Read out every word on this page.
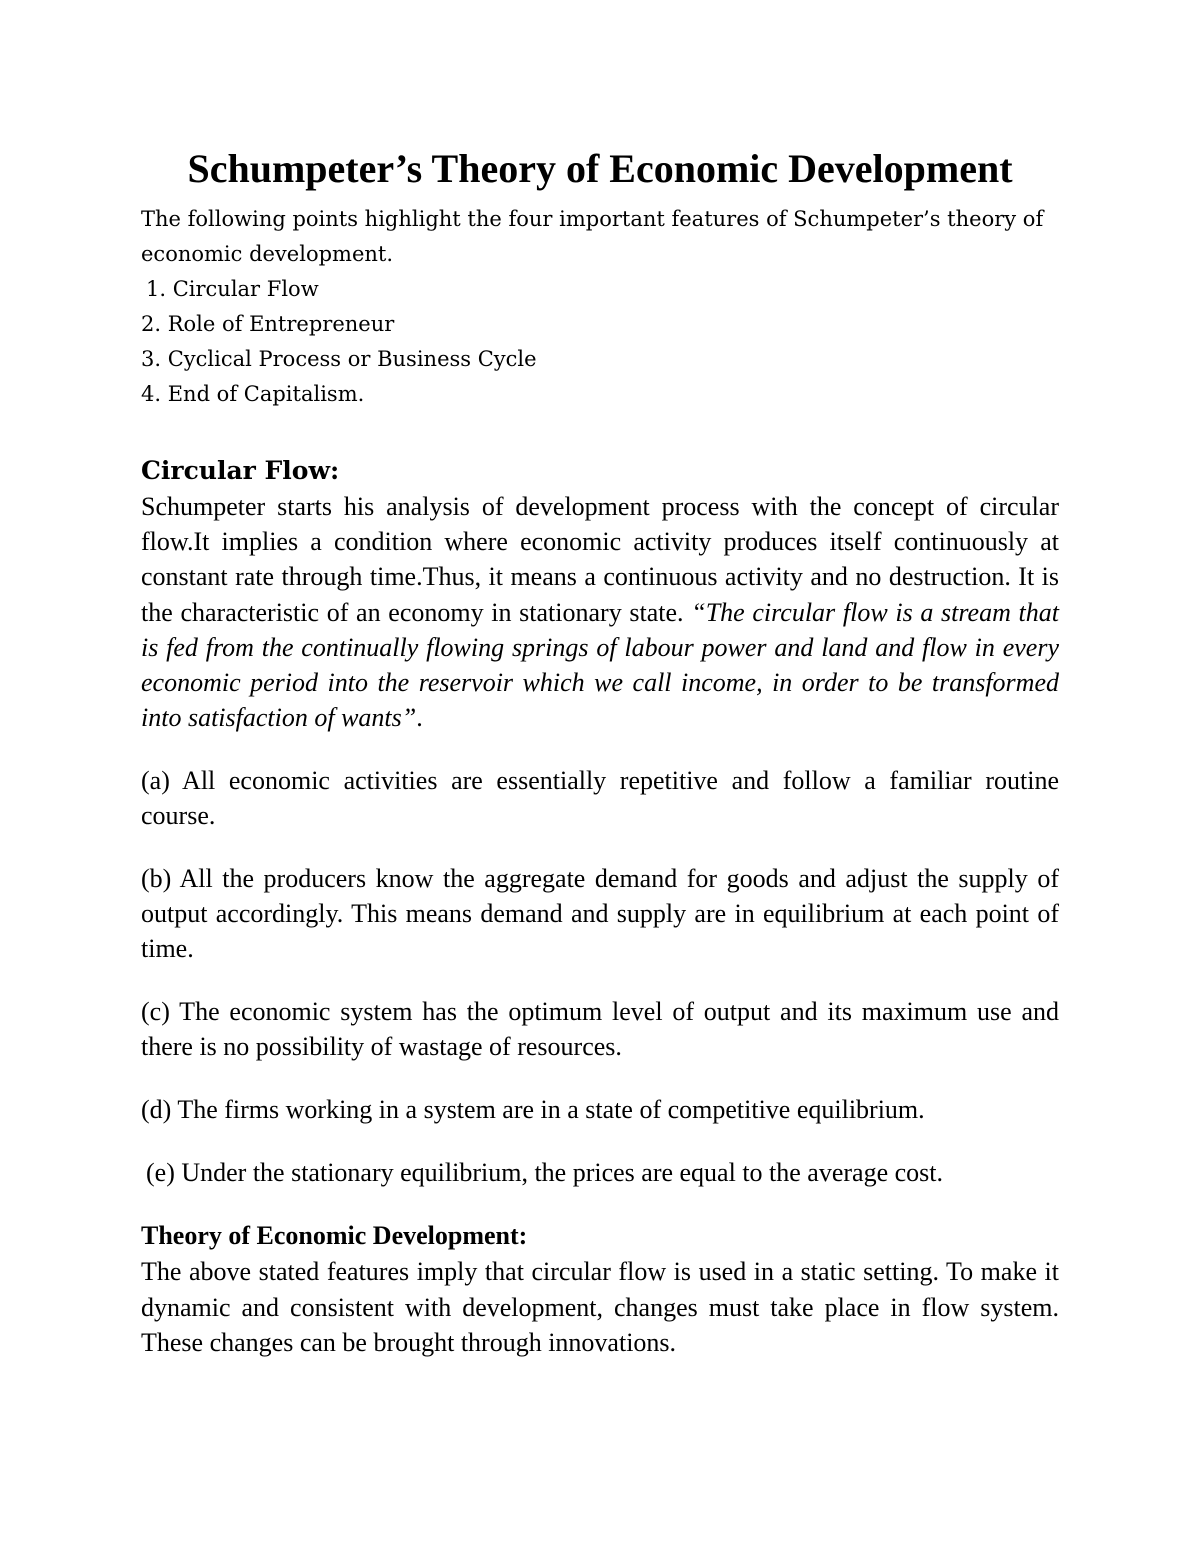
Schumpeter’s Theory of Economic Development

The following points highlight the four important features of Schumpeter’s theory of economic development.

1. Circular Flow
2. Role of Entrepreneur
3. Cyclical Process or Business Cycle
4. End of Capitalism.
Circular Flow:

Schumpeter starts his analysis of development process with the concept of circular flow.It implies a condition where economic activity produces itself continuously at constant rate through time.Thus, it means a continuous activity and no destruction. It is the characteristic of an economy in stationary state. “The circular flow is a stream that is fed from the continually flowing springs of labour power and land and flow in every economic period into the reservoir which we call income, in order to be transformed into satisfaction of wants”.

(a) All economic activities are essentially repetitive and follow a familiar routine course.

(b) All the producers know the aggregate demand for goods and adjust the supply of output accordingly. This means demand and supply are in equilibrium at each point of time.

(c) The economic system has the optimum level of output and its maximum use and there is no possibility of wastage of resources.

(d) The firms working in a system are in a state of competitive equilibrium.

(e) Under the stationary equilibrium, the prices are equal to the average cost.

Theory of Economic Development:

The above stated features imply that circular flow is used in a static setting. To make it dynamic and consistent with development, changes must take place in flow system. These changes can be brought through innovations.
